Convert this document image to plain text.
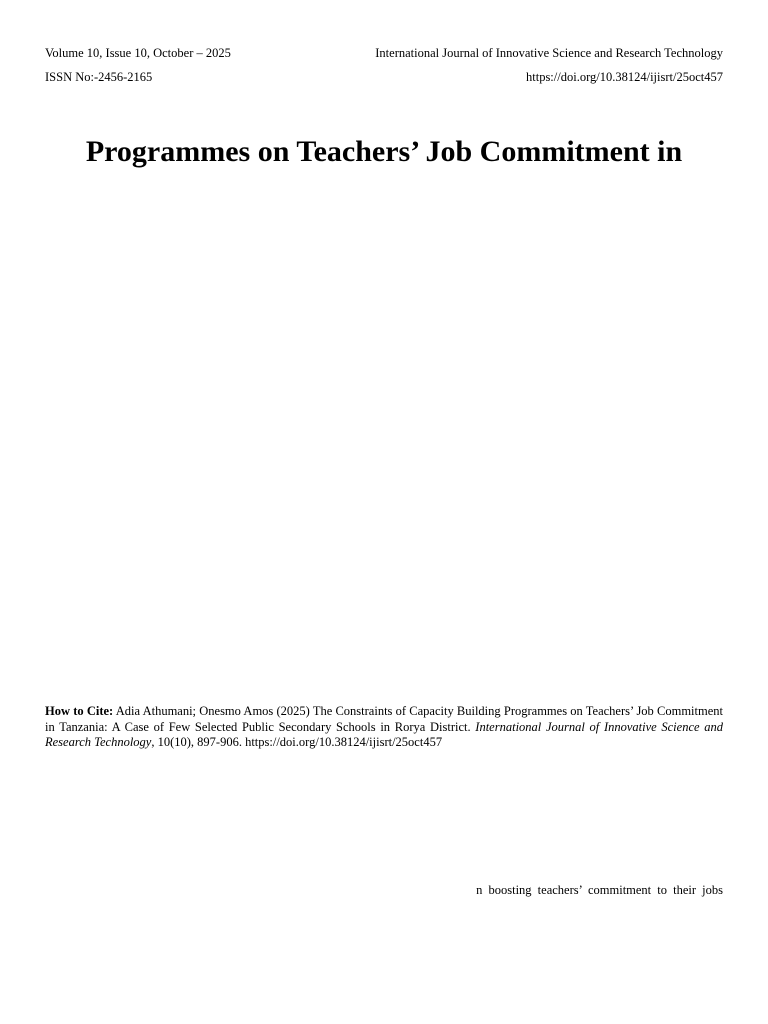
Volume 10, Issue 10, October – 2025	International Journal of Innovative Science and Research Technology
ISSN No:-2456-2165	https://doi.org/10.38124/ijisrt/25oct457
Programmes on Teachers’ Job Commitment in
How to Cite: Adia Athumani; Onesmo Amos (2025) The Constraints of Capacity Building Programmes on Teachers’ Job Commitment in Tanzania: A Case of Few Selected Public Secondary Schools in Rorya District. International Journal of Innovative Science and Research Technology, 10(10), 897-906. https://doi.org/10.38124/ijisrt/25oct457
n boosting teachers’ commitment to their jobs
